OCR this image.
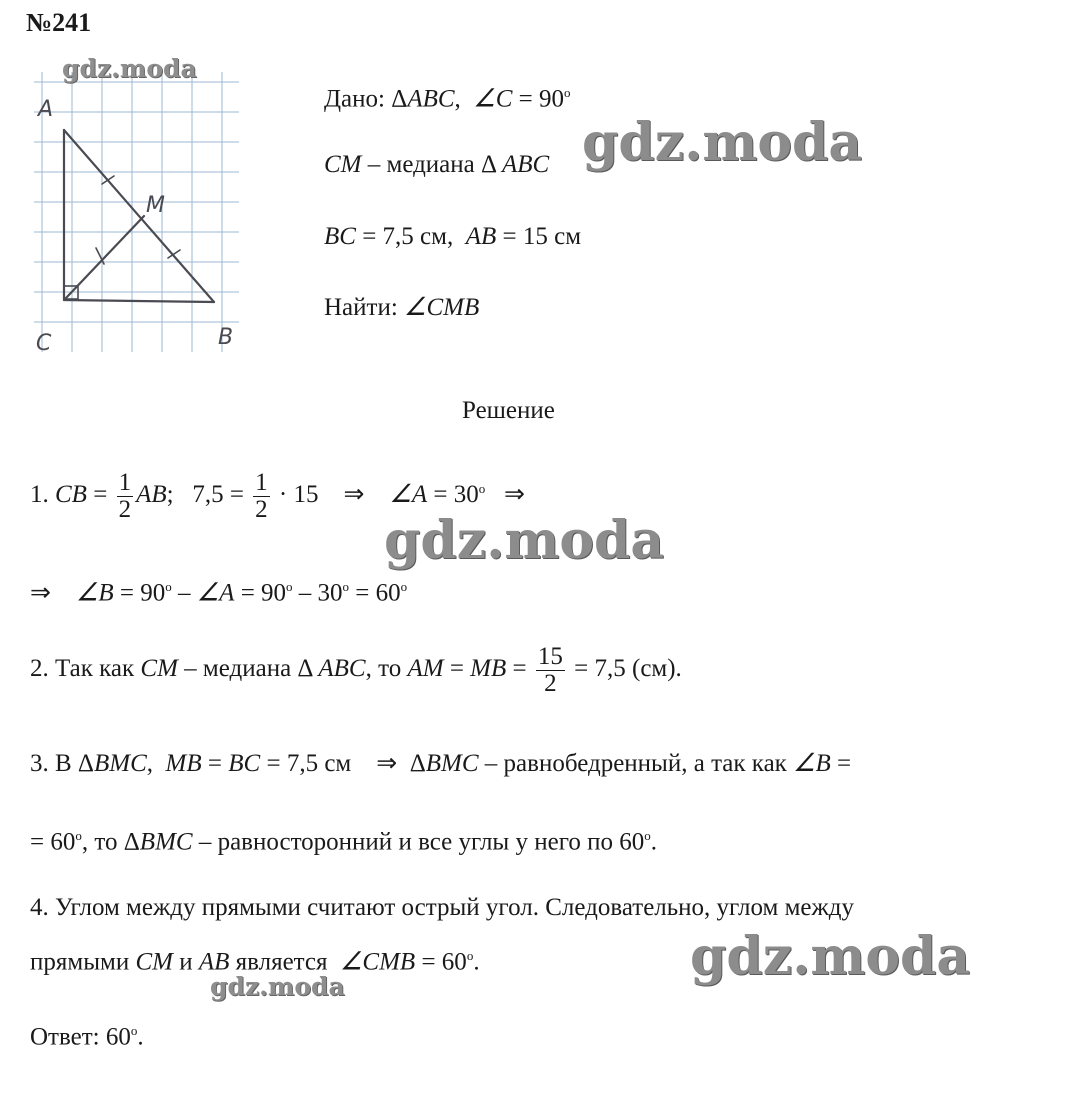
№241
A
M
C	B
gdz.moda
Дано: ΔABC,  ∠C = $90^о$
CM – медиана Δ ABC
BC = 7,5 см, AB = 15 см
Найти: ∠CMB
gdz.moda
Решение
1. CB = $\frac{1}{2}$ AB; $7,5 = \frac{1}{2} \cdot 15$ ⇒ ∠A = $30^о$ ⇒
gdz.moda
⇒ ∠B = $90^о$ – ∠A = $90^о - 30^о = 60^о$
2. Так как CM – медиана Δ ABC, то AM = MB = $\frac{15}{2} = 7,5$ (см).
3. В ΔBMC, MB = BC = 7,5 см ⇒ ΔBMC – равнобедренный, а так как ∠B =
= $60^о$, то ΔBMC – равносторонний и все углы у него по $60^о$.
4. Углом между прямыми считают острый угол. Следовательно, углом между
прямыми CM и AB является ∠CMB = $60^о$.	gdz.moda
gdz.moda
Ответ: $60^о$.
